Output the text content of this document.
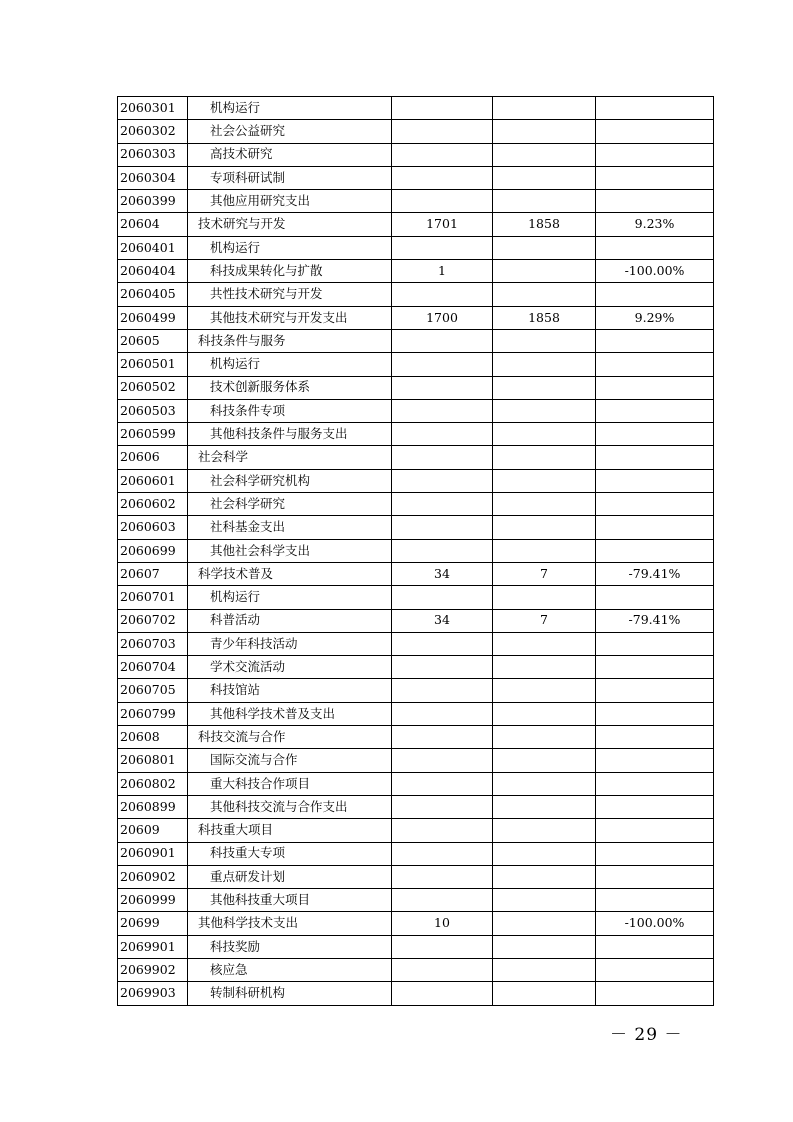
2060301	机构运行			
2060302	社会公益研究			
2060303	高技术研究			
2060304	专项科研试制			
2060399	其他应用研究支出			
20604	技术研究与开发	1701	1858	9.23%
2060401	机构运行			
2060404	科技成果转化与扩散	1		-100.00%
2060405	共性技术研究与开发			
2060499	其他技术研究与开发支出	1700	1858	9.29%
20605	科技条件与服务			
2060501	机构运行			
2060502	技术创新服务体系			
2060503	科技条件专项			
2060599	其他科技条件与服务支出			
20606	社会科学			
2060601	社会科学研究机构			
2060602	社会科学研究			
2060603	社科基金支出			
2060699	其他社会科学支出			
20607	科学技术普及	34	7	-79.41%
2060701	机构运行			
2060702	科普活动	34	7	-79.41%
2060703	青少年科技活动			
2060704	学术交流活动			
2060705	科技馆站			
2060799	其他科学技术普及支出			
20608	科技交流与合作			
2060801	国际交流与合作			
2060802	重大科技合作项目			
2060899	其他科技交流与合作支出			
20609	科技重大项目			
2060901	科技重大专项			
2060902	重点研发计划			
2060999	其他科技重大项目			
20699	其他科学技术支出	10		-100.00%
2069901	科技奖励			
2069902	核应急			
2069903	转制科研机构			
－ 29 －
